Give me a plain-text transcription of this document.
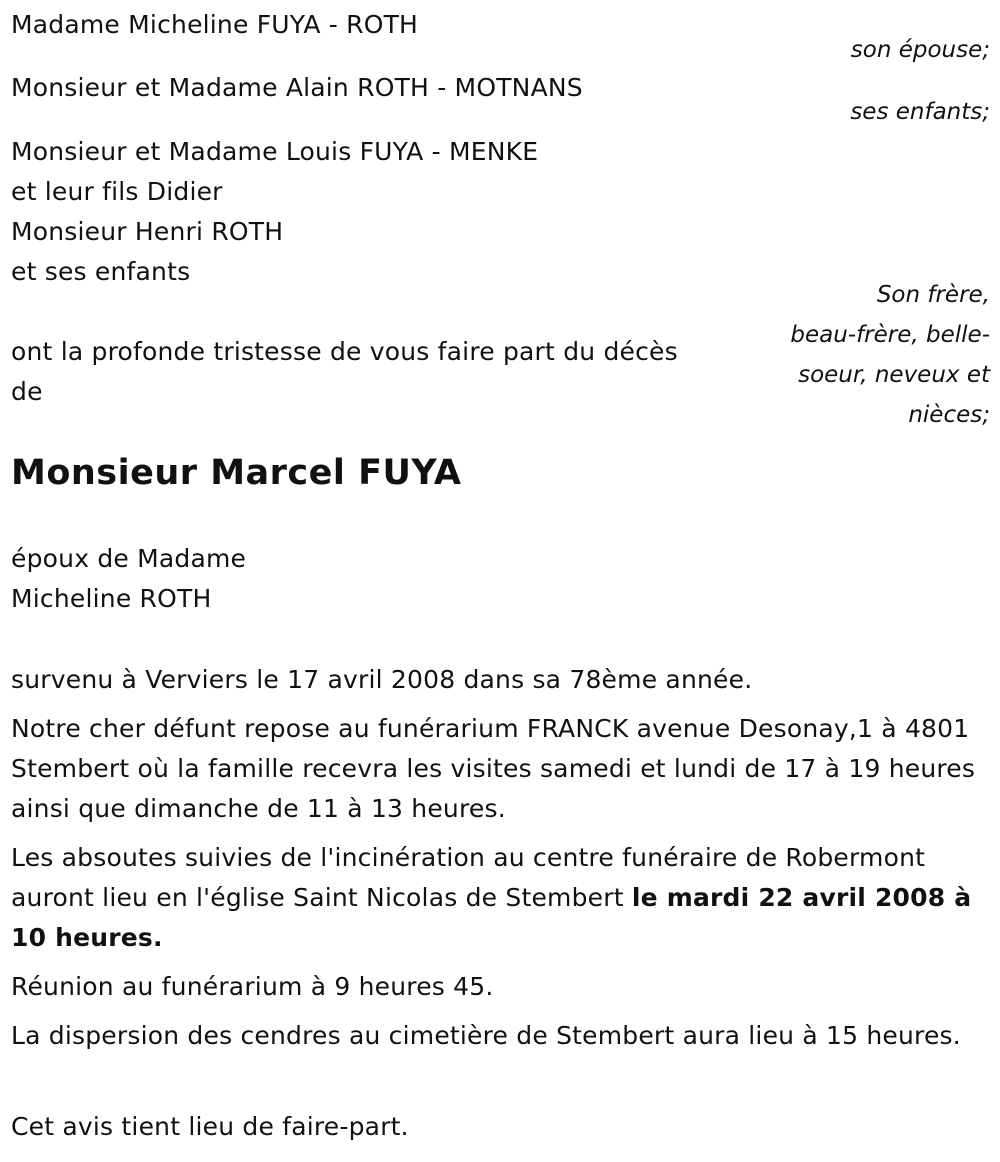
Madame Micheline FUYA - ROTH
son épouse;
Monsieur et Madame Alain ROTH - MOTNANS
ses enfants;
Monsieur et Madame Louis FUYA - MENKE
et leur fils Didier
Monsieur Henri ROTH
et ses enfants
Son frère,
beau-frère, belle-
soeur, neveux et
nièces;
ont la profonde tristesse de vous faire part du décès
de
Monsieur Marcel FUYA
époux de Madame
Micheline ROTH
survenu à Verviers le 17 avril 2008 dans sa 78ème année.
Notre cher défunt repose au funérarium FRANCK avenue Desonay,1 à 4801 Stembert où la famille recevra les visites samedi et lundi de 17 à 19 heures ainsi que dimanche de 11 à 13 heures.
Les absoutes suivies de l'incinération au centre funéraire de Robermont auront lieu en l'église Saint Nicolas de Stembert le mardi 22 avril 2008 à 10 heures.
Réunion au funérarium à 9 heures 45.
La dispersion des cendres au cimetière de Stembert aura lieu à 15 heures.
Cet avis tient lieu de faire-part.
